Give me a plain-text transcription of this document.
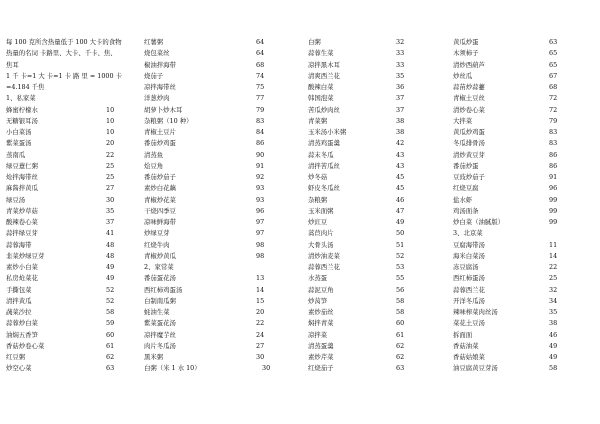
每 100 克所含热量低于 100 大卡的食物
热量的名词 卡路里、大卡、千卡、焦、
焦耳
1 千 卡=1 大 卡=1 卡 路 里 = 1000 卡
=4.184 千焦
1、私家菜
蜂蜜柠檬水	10
无糖银耳汤	10
小白菜汤	10
紫菜蛋汤	20
蒸南瓜	22
绿豆薏仁粥	25
炝拌海带丝	25
麻酱拌黄瓜	27
绿豆汤	30
青菜炒草菇	35
酸辣卷心菜	37
蒜拌绿豆芽	41
蒜蓉海带	48
韭菜炒绿豆芽	48
素炒小白菜	49
私房炝菜花	49
手撕包菜	52
清拌黄瓜	52
蔬菜沙拉	58
蒜蓉炒白菜	59
油焖五香笋	60
香菇炒卷心菜	61
红豆粥	62
炒空心菜	63
红薯粥	64
烧包菜丝	64
椒油拌海带	68
烧茄子	74
凉拌海带丝	75
洋葱炒肉	77
胡萝卜炒木耳	79
杂粮粥（10 种）	83
青椒土豆片	84
番茄炒鸡蛋	86
清蒸鱼	90
烩豆角	91
番茄炒茄子	92
素炒白花藕	93
青椒炒花菜	93
干烧四季豆	96
凉味鲜海带	97
炒绿豆芽	97
红烧牛肉	98
青椒炒黄瓜	98
2、家常菜
番茄蛋花汤	13
西红柿鸡蛋汤	14
白制南瓜粥	15
蚝油生菜	20
紫菜蛋花汤	22
凉拌魔芋丝	24
肉片冬瓜汤	27
黑米粥	30
白粥（米 1 水 10）	30
白粥	32
蒜蓉生菜	33
凉拌黑木耳	33
清爽西兰花	35
酸辣白菜	36
韩国泡菜	37
苦瓜炒肉丝	37
青菜粥	38
玉米汤小米粥	38
清蒸鸡蛋羹	42
蒜末冬瓜	43
清拌苦瓜丝	43
炒冬菇	45
虾皮冬瓜丝	45
杂粮粥	46
玉米面粥	47
炒豇豆	49
蒿苣肉片	50
大骨头汤	51
清炒油麦菜	52
蒜蓉西兰花	53
水蒸蛋	55
蒜泥豆角	56
炒莴笋	58
素炒茄丝	58
焖拌青菜	60
凉拌菜	61
清蒸蛋羹	62
素炒芹菜	62
红烧茄子	63
黄瓜炒蛋	63
木须柿子	65
清炒西葫芦	65
炒丝瓜	67
蒜苗炒蒜薹	68
青椒土豆丝	72
清炒卷心菜	72
大拌菜	79
黄瓜炒鸡蛋	83
冬瓜排骨汤	83
清炒黄豆芽	86
番茄炒蛋	86
豆豉炒茄子	91
红烧豆腐	96
盐水虾	99
鸡汤面条	99
炒白菜（油腻版）	99
3、北京菜
豆腐海带汤	11
海米白菜汤	14
冻豆腐汤	22
西红柿蛋汤	25
蒜蓉西兰花	32
开洋冬瓜汤	34
辣味榨菜肉丝汤	35
菜花土豆汤	38
拆面面	46
香菇油菜	49
香菇姑娘菜	49
油豆腐黄豆芽汤	58
